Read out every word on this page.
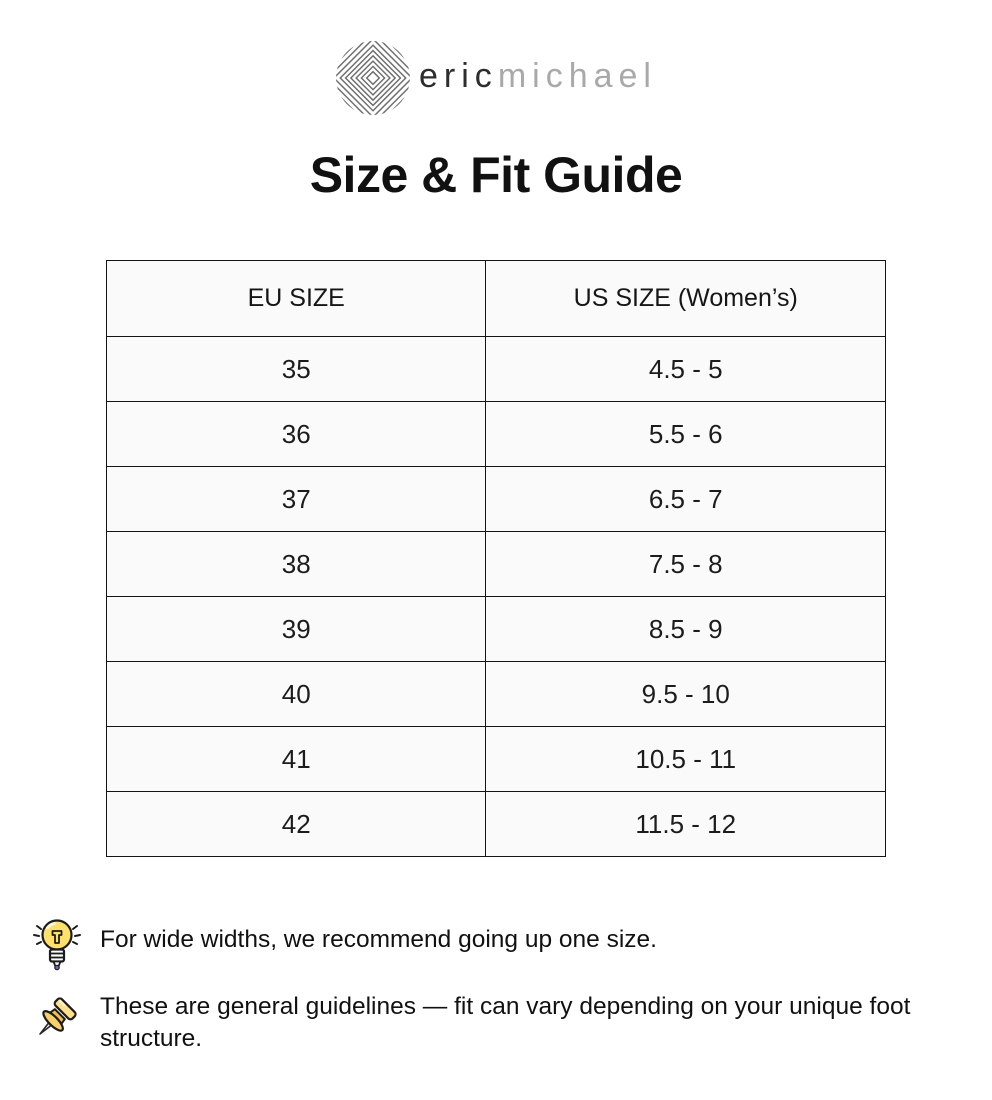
ericmichael
Size & Fit Guide
EU SIZE	US SIZE (Women’s)
35	4.5 - 5
36	5.5 - 6
37	6.5 - 7
38	7.5 - 8
39	8.5 - 9
40	9.5 - 10
41	10.5 - 11
42	11.5 - 12
For wide widths, we recommend going up one size.
These are general guidelines — fit can vary depending on your unique foot structure.
